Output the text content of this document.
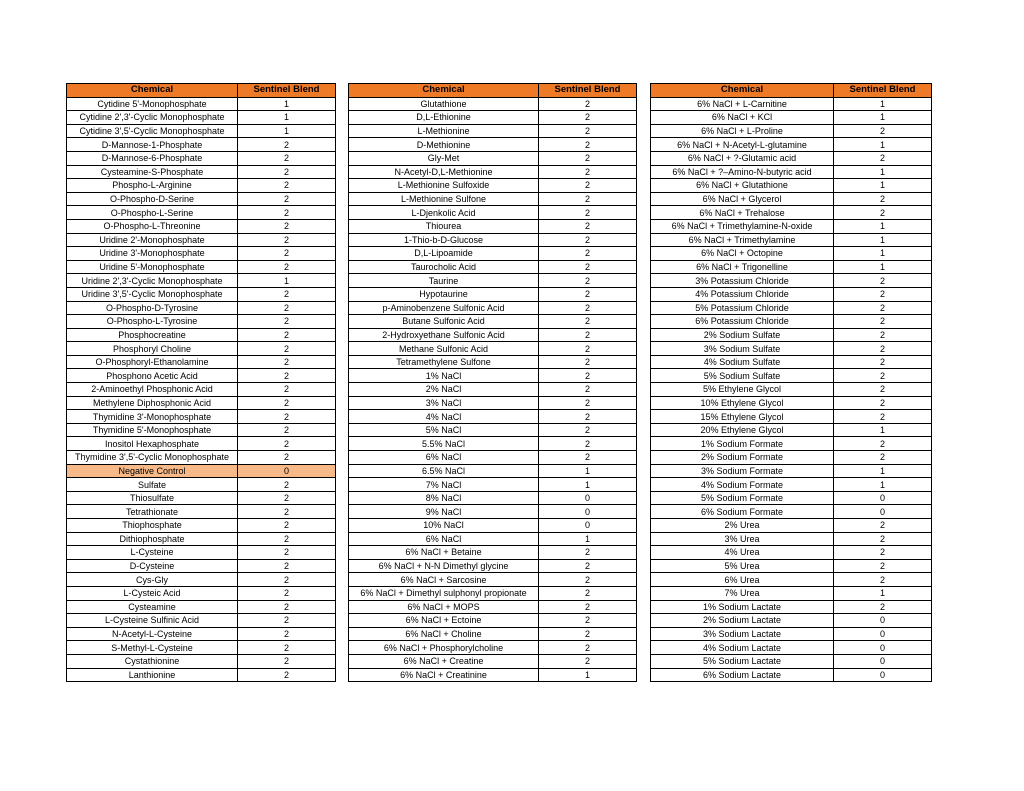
Chemical	Sentinel Blend
Cytidine 5'-Monophosphate	1
Cytidine 2',3'-Cyclic Monophosphate	1
Cytidine 3',5'-Cyclic Monophosphate	1
D-Mannose-1-Phosphate	2
D-Mannose-6-Phosphate	2
Cysteamine-S-Phosphate	2
Phospho-L-Arginine	2
O-Phospho-D-Serine	2
O-Phospho-L-Serine	2
O-Phospho-L-Threonine	2
Uridine 2'-Monophosphate	2
Uridine 3'-Monophosphate	2
Uridine 5'-Monophosphate	2
Uridine 2',3'-Cyclic Monophosphate	1
Uridine 3',5'-Cyclic Monophosphate	2
O-Phospho-D-Tyrosine	2
O-Phospho-L-Tyrosine	2
Phosphocreatine	2
Phosphoryl Choline	2
O-Phosphoryl-Ethanolamine	2
Phosphono Acetic Acid	2
2-Aminoethyl Phosphonic Acid	2
Methylene Diphosphonic Acid	2
Thymidine 3'-Monophosphate	2
Thymidine 5'-Monophosphate	2
Inositol Hexaphosphate	2
Thymidine 3',5'-Cyclic Monophosphate	2
Negative Control	0
Sulfate	2
Thiosulfate	2
Tetrathionate	2
Thiophosphate	2
Dithiophosphate	2
L-Cysteine	2
D-Cysteine	2
Cys-Gly	2
L-Cysteic Acid	2
Cysteamine	2
L-Cysteine Sulfinic Acid	2
N-Acetyl-L-Cysteine	2
S-Methyl-L-Cysteine	2
Cystathionine	2
Lanthionine	2
Chemical	Sentinel Blend
Glutathione	2
D,L-Ethionine	2
L-Methionine	2
D-Methionine	2
Gly-Met	2
N-Acetyl-D,L-Methionine	2
L-Methionine Sulfoxide	2
L-Methionine Sulfone	2
L-Djenkolic Acid	2
Thiourea	2
1-Thio-b-D-Glucose	2
D,L-Lipoamide	2
Taurocholic Acid	2
Taurine	2
Hypotaurine	2
p-Aminobenzene Sulfonic Acid	2
Butane Sulfonic Acid	2
2-Hydroxyethane Sulfonic Acid	2
Methane Sulfonic Acid	2
Tetramethylene Sulfone	2
1% NaCl	2
2% NaCl	2
3% NaCl	2
4% NaCl	2
5% NaCl	2
5.5% NaCl	2
6% NaCl	2
6.5% NaCl	1
7% NaCl	1
8% NaCl	0
9% NaCl	0
10% NaCl	0
6% NaCl	1
6% NaCl + Betaine	2
6% NaCl + N-N Dimethyl glycine	2
6% NaCl + Sarcosine	2
6% NaCl + Dimethyl sulphonyl propionate	2
6% NaCl + MOPS	2
6% NaCl + Ectoine	2
6% NaCl + Choline	2
6% NaCl + Phosphorylcholine	2
6% NaCl + Creatine	2
6% NaCl + Creatinine	1
Chemical	Sentinel Blend
6% NaCl + L-Carnitine	1
6% NaCl + KCl	1
6% NaCl + L-Proline	2
6% NaCl + N-Acetyl-L-glutamine	1
6% NaCl + ?-Glutamic acid	2
6% NaCl + ?–Amino-N-butyric acid	1
6% NaCl + Glutathione	1
6% NaCl + Glycerol	2
6% NaCl + Trehalose	2
6% NaCl + Trimethylamine-N-oxide	1
6% NaCl + Trimethylamine	1
6% NaCl + Octopine	1
6% NaCl + Trigonelline	1
3% Potassium Chloride	2
4% Potassium Chloride	2
5% Potassium Chloride	2
6% Potassium Chloride	2
2% Sodium Sulfate	2
3% Sodium Sulfate	2
4% Sodium Sulfate	2
5% Sodium Sulfate	2
5% Ethylene Glycol	2
10% Ethylene Glycol	2
15% Ethylene Glycol	2
20% Ethylene Glycol	1
1% Sodium Formate	2
2% Sodium Formate	2
3% Sodium Formate	1
4% Sodium Formate	1
5% Sodium Formate	0
6% Sodium Formate	0
2% Urea	2
3% Urea	2
4% Urea	2
5% Urea	2
6% Urea	2
7% Urea	1
1% Sodium Lactate	2
2% Sodium Lactate	0
3% Sodium Lactate	0
4% Sodium Lactate	0
5% Sodium Lactate	0
6% Sodium Lactate	0
